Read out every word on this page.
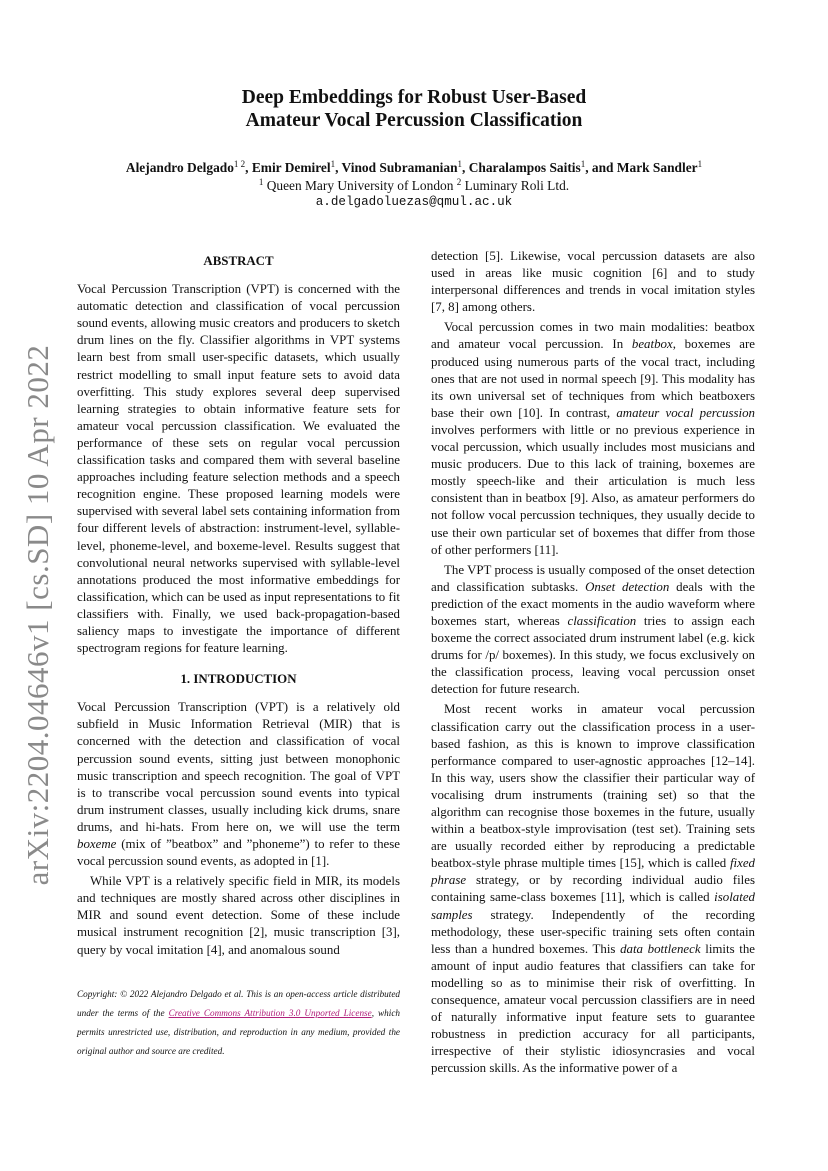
arXiv:2204.04646v1 [cs.SD] 10 Apr 2022
Deep Embeddings for Robust User-Based
Amateur Vocal Percussion Classification
Alejandro Delgado$^{1 2}$, Emir Demirel$^1$, Vinod Subramanian$^1$, Charalampos Saitis$^1$, and Mark Sandler$^1$
$^1$ Queen Mary University of London $^2$ Luminary Roli Ltd.
a.delgadoluezas@qmul.ac.uk
ABSTRACT

Vocal Percussion Transcription (VPT) is concerned with the automatic detection and classification of vocal percussion sound events, allowing music creators and producers to sketch drum lines on the fly. Classifier algorithms in VPT systems learn best from small user-specific datasets, which usually restrict modelling to small input feature sets to avoid data overfitting. This study explores several deep supervised learning strategies to obtain informative feature sets for amateur vocal percussion classification. We evaluated the performance of these sets on regular vocal percussion classification tasks and compared them with several baseline approaches including feature selection methods and a speech recognition engine. These proposed learning models were supervised with several label sets containing information from four different levels of abstraction: instrument-level, syllable-level, phoneme-level, and boxeme-level. Results suggest that convolutional neural networks supervised with syllable-level annotations produced the most informative embeddings for classification, which can be used as input representations to fit classifiers with. Finally, we used back-propagation-based saliency maps to investigate the importance of different spectrogram regions for feature learning.

1. INTRODUCTION

Vocal Percussion Transcription (VPT) is a relatively old subfield in Music Information Retrieval (MIR) that is concerned with the detection and classification of vocal percussion sound events, sitting just between monophonic music transcription and speech recognition. The goal of VPT is to transcribe vocal percussion sound events into typical drum instrument classes, usually including kick drums, snare drums, and hi-hats. From here on, we will use the term boxeme (mix of ”beatbox” and ”phoneme”) to refer to these vocal percussion sound events, as adopted in [1].

While VPT is a relatively specific field in MIR, its models and techniques are mostly shared across other disciplines in MIR and sound event detection. Some of these include musical instrument recognition [2], music transcription [3], query by vocal imitation [4], and anomalous sound

Copyright: © 2022 Alejandro Delgado et al. This is an open-access article distributed under the terms of the Creative Commons Attribution 3.0 Unported License, which permits unrestricted use, distribution, and reproduction in any medium, provided the original author and source are credited.

detection [5]. Likewise, vocal percussion datasets are also used in areas like music cognition [6] and to study interpersonal differences and trends in vocal imitation styles [7, 8] among others.

Vocal percussion comes in two main modalities: beatbox and amateur vocal percussion. In beatbox, boxemes are produced using numerous parts of the vocal tract, including ones that are not used in normal speech [9]. This modality has its own universal set of techniques from which beatboxers base their own [10]. In contrast, amateur vocal percussion involves performers with little or no previous experience in vocal percussion, which usually includes most musicians and music producers. Due to this lack of training, boxemes are mostly speech-like and their articulation is much less consistent than in beatbox [9]. Also, as amateur performers do not follow vocal percussion techniques, they usually decide to use their own particular set of boxemes that differ from those of other performers [11].

The VPT process is usually composed of the onset detection and classification subtasks. Onset detection deals with the prediction of the exact moments in the audio waveform where boxemes start, whereas classification tries to assign each boxeme the correct associated drum instrument label (e.g. kick drums for /p/ boxemes). In this study, we focus exclusively on the classification process, leaving vocal percussion onset detection for future research.

Most recent works in amateur vocal percussion classification carry out the classification process in a user-based fashion, as this is known to improve classification performance compared to user-agnostic approaches [12–14]. In this way, users show the classifier their particular way of vocalising drum instruments (training set) so that the algorithm can recognise those boxemes in the future, usually within a beatbox-style improvisation (test set). Training sets are usually recorded either by reproducing a predictable beatbox-style phrase multiple times [15], which is called fixed phrase strategy, or by recording individual audio files containing same-class boxemes [11], which is called isolated samples strategy. Independently of the recording methodology, these user-specific training sets often contain less than a hundred boxemes. This data bottleneck limits the amount of input audio features that classifiers can take for modelling so as to minimise their risk of overfitting. In consequence, amateur vocal percussion classifiers are in need of naturally informative input feature sets to guarantee robustness in prediction accuracy for all participants, irrespective of their stylistic idiosyncrasies and vocal percussion skills. As the informative power of a
